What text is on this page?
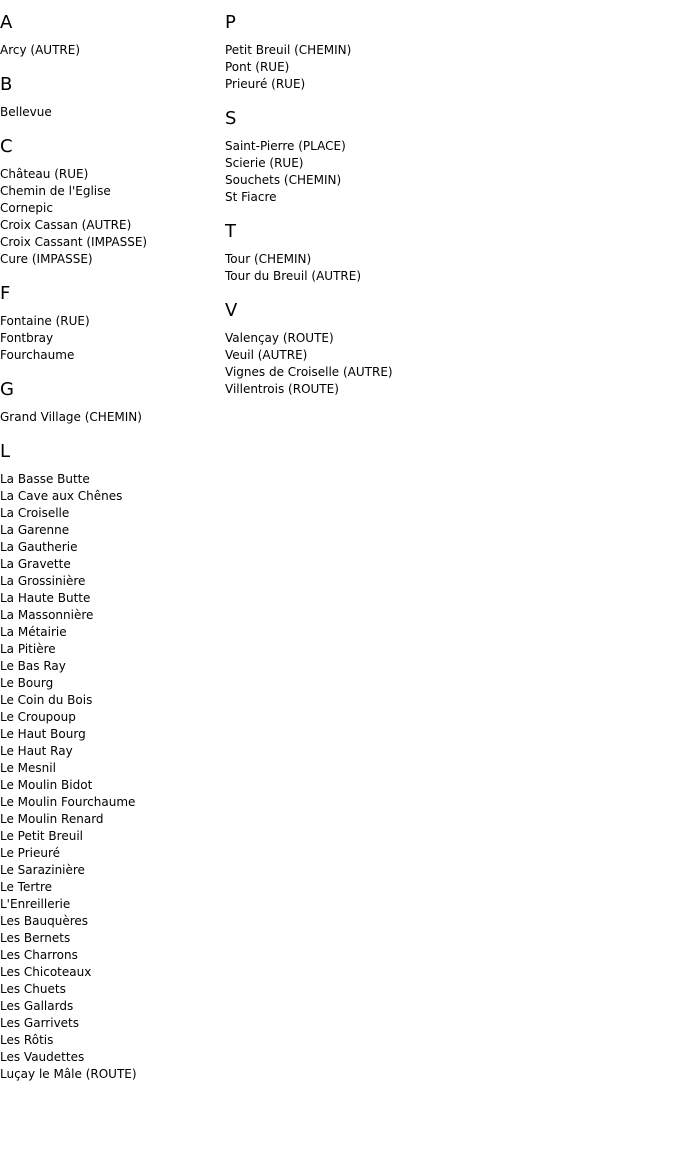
A
Arcy (AUTRE)
B
Bellevue
C
Château (RUE)
Chemin de l'Eglise
Cornepic
Croix Cassan (AUTRE)
Croix Cassant (IMPASSE)
Cure (IMPASSE)
F
Fontaine (RUE)
Fontbray
Fourchaume
G
Grand Village (CHEMIN)
L
La Basse Butte
La Cave aux Chênes
La Croiselle
La Garenne
La Gautherie
La Gravette
La Grossinière
La Haute Butte
La Massonnière
La Métairie
La Pitière
Le Bas Ray
Le Bourg
Le Coin du Bois
Le Croupoup
Le Haut Bourg
Le Haut Ray
Le Mesnil
Le Moulin Bidot
Le Moulin Fourchaume
Le Moulin Renard
Le Petit Breuil
Le Prieuré
Le Sarazinière
Le Tertre
L'Enreillerie
Les Bauquères
Les Bernets
Les Charrons
Les Chicoteaux
Les Chuets
Les Gallards
Les Garrivets
Les Rôtis
Les Vaudettes
Luçay le Mâle (ROUTE)
P
Petit Breuil (CHEMIN)
Pont (RUE)
Prieuré (RUE)
S
Saint-Pierre (PLACE)
Scierie (RUE)
Souchets (CHEMIN)
St Fiacre
T
Tour (CHEMIN)
Tour du Breuil (AUTRE)
V
Valençay (ROUTE)
Veuil (AUTRE)
Vignes de Croiselle (AUTRE)
Villentrois (ROUTE)
